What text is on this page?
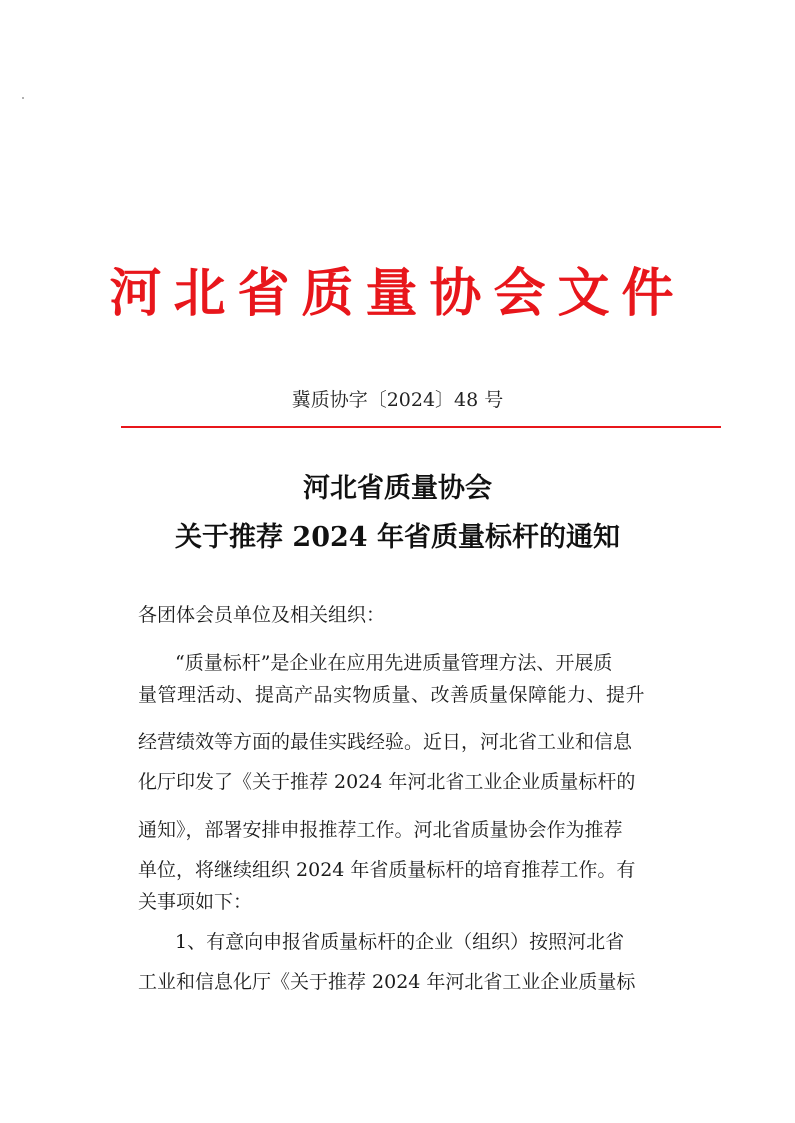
河北省质量协会文件
冀质协字〔2024〕48 号
河北省质量协会
关于推荐 2024 年省质量标杆的通知
各团体会员单位及相关组织：
“质量标杆”是企业在应用先进质量管理方法、开展质
量管理活动、提高产品实物质量、改善质量保障能力、提升
经营绩效等方面的最佳实践经验。近日，河北省工业和信息
化厅印发了《关于推荐 2024 年河北省工业企业质量标杆的
通知》，部署安排申报推荐工作。河北省质量协会作为推荐
单位，将继续组织 2024 年省质量标杆的培育推荐工作。有
关事项如下：
1、有意向申报省质量标杆的企业（组织）按照河北省
工业和信息化厅《关于推荐 2024 年河北省工业企业质量标
